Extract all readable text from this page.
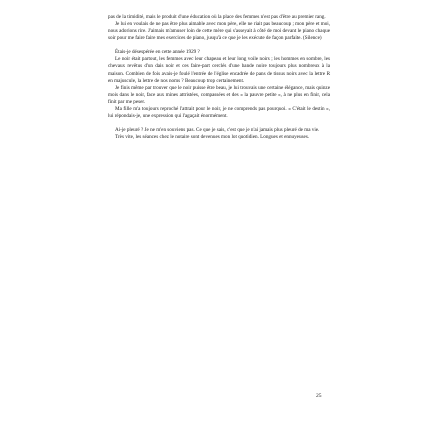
pas de la timidité, mais le produit d'une éducation où la place des femmes n'est pas d'être au premier rang.

Je lui en voulais de ne pas être plus aimable avec mon père, elle ne riait pas beaucoup ; mon père et moi, nous adorions rire. J'aimais m'amuser loin de cette mère qui s'asseyait à côté de moi devant le piano chaque soir pour me faire faire mes exercices de piano, jusqu'à ce que je les exécute de façon parfaite. (Silence)

Étais-je désespérée en cette année 1929 ?

Le noir était partout, les femmes avec leur chapeau et leur long voile noirs ; les hommes en sombre, les chevaux revêtus d'un dais noir et ces faire-part cerclés d'une bande noire toujours plus nombreux à la maison. Combien de fois avais-je foulé l'entrée de l'église encadrée de pans de tissus noirs avec la lettre R en majuscule, la lettre de nos noms ? Beaucoup trop certainement.

Je finis même par trouver que le noir puisse être beau, je lui trouvais une certaine élégance, mais quinze mois dans le noir, face aux mines attristées, compassées et des « la pauvre petite », à ne plus en finir, cela finit par me peser.

Ma fille m'a toujours reproché l'attrait pour le noir, je ne comprends pas pourquoi. « C'était le destin », lui répondais-je, une expression qui l'agaçait énormément.

Ai-je pleuré ? Je ne m'en souviens pas. Ce que je sais, c'est que je n'ai jamais plus pleuré de ma vie.

Très vite, les séances chez le notaire sont devenues mon lot quotidien. Longues et ennuyeuses.

25
